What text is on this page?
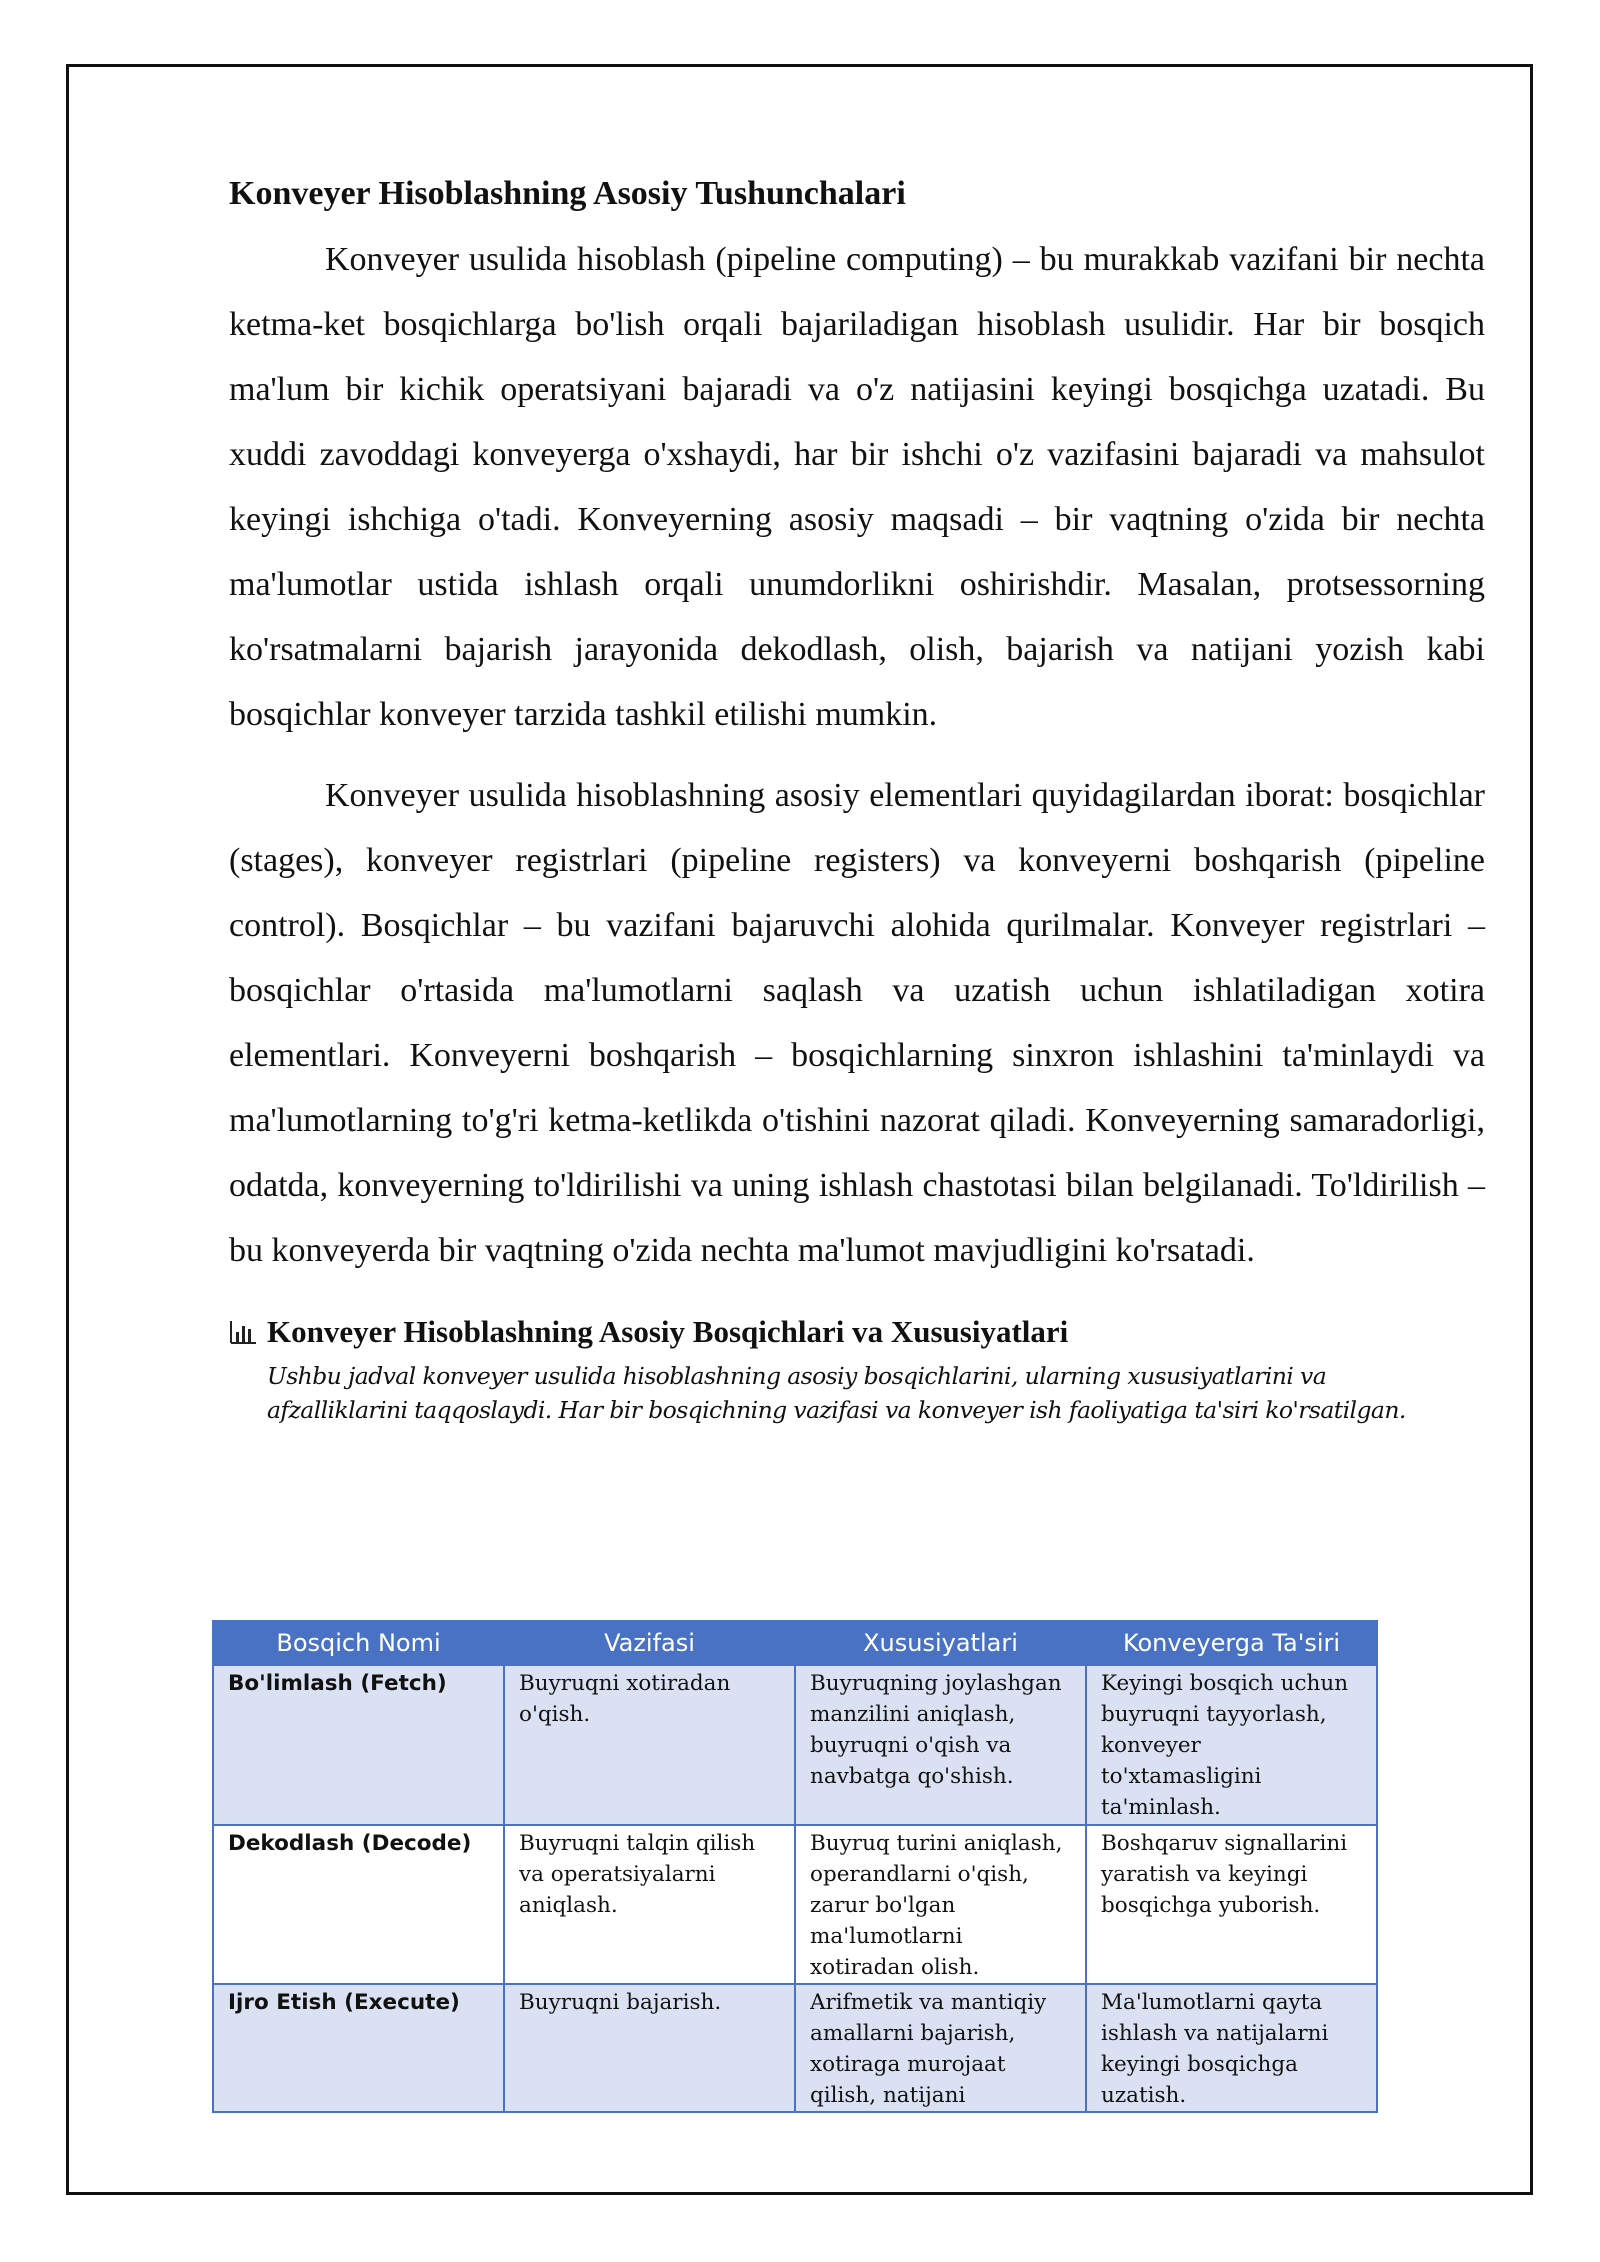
Konveyer Hisoblashning Asosiy Tushunchalari

Konveyer usulida hisoblash (pipeline computing) – bu murakkab vazifani bir nechta ketma-ket bosqichlarga bo'lish orqali bajariladigan hisoblash usulidir. Har bir bosqich ma'lum bir kichik operatsiyani bajaradi va o'z natijasini keyingi bosqichga uzatadi. Bu xuddi zavoddagi konveyerga o'xshaydi, har bir ishchi o'z vazifasini bajaradi va mahsulot keyingi ishchiga o'tadi. Konveyerning asosiy maqsadi – bir vaqtning o'zida bir nechta ma'lumotlar ustida ishlash orqali unumdorlikni oshirishdir. Masalan, protsessorning ko'rsatmalarni bajarish jarayonida dekodlash, olish, bajarish va natijani yozish kabi bosqichlar konveyer tarzida tashkil etilishi mumkin.

Konveyer usulida hisoblashning asosiy elementlari quyidagilardan iborat: bosqichlar (stages), konveyer registrlari (pipeline registers) va konveyerni boshqarish (pipeline control). Bosqichlar – bu vazifani bajaruvchi alohida qurilmalar. Konveyer registrlari – bosqichlar o'rtasida ma'lumotlarni saqlash va uzatish uchun ishlatiladigan xotira elementlari. Konveyerni boshqarish – bosqichlarning sinxron ishlashini ta'minlaydi va ma'lumotlarning to'g'ri ketma-ketlikda o'tishini nazorat qiladi. Konveyerning samaradorligi, odatda, konveyerning to'ldirilishi va uning ishlash chastotasi bilan belgilanadi. To'ldirilish – bu konveyerda bir vaqtning o'zida nechta ma'lumot mavjudligini ko'rsatadi.

Konveyer Hisoblashning Asosiy Bosqichlari va Xususiyatlari
Ushbu jadval konveyer usulida hisoblashning asosiy bosqichlarini, ularning xususiyatlarini va afzalliklarini taqqoslaydi. Har bir bosqichning vazifasi va konveyer ish faoliyatiga ta'siri ko'rsatilgan.
Bosqich Nomi	Vazifasi	Xususiyatlari	Konveyerga Ta'siri

Bo'limlash (Fetch)	Buyruqni xotiradan o'qish.	Buyruqning joylashgan manzilini aniqlash, buyruqni o'qish va navbatga qo'shish.	Keyingi bosqich uchun buyruqni tayyorlash, konveyer to'xtamasligini ta'minlash.

Dekodlash (Decode)	Buyruqni talqin qilish va operatsiyalarni aniqlash.	Buyruq turini aniqlash, operandlarni o'qish, zarur bo'lgan ma'lumotlarni xotiradan olish.	Boshqaruv signallarini yaratish va keyingi bosqichga yuborish.

Ijro Etish (Execute)	Buyruqni bajarish.	Arifmetik va mantiqiy amallarni bajarish, xotiraga murojaat qilish, natijani	Ma'lumotlarni qayta ishlash va natijalarni keyingi bosqichga uzatish.
